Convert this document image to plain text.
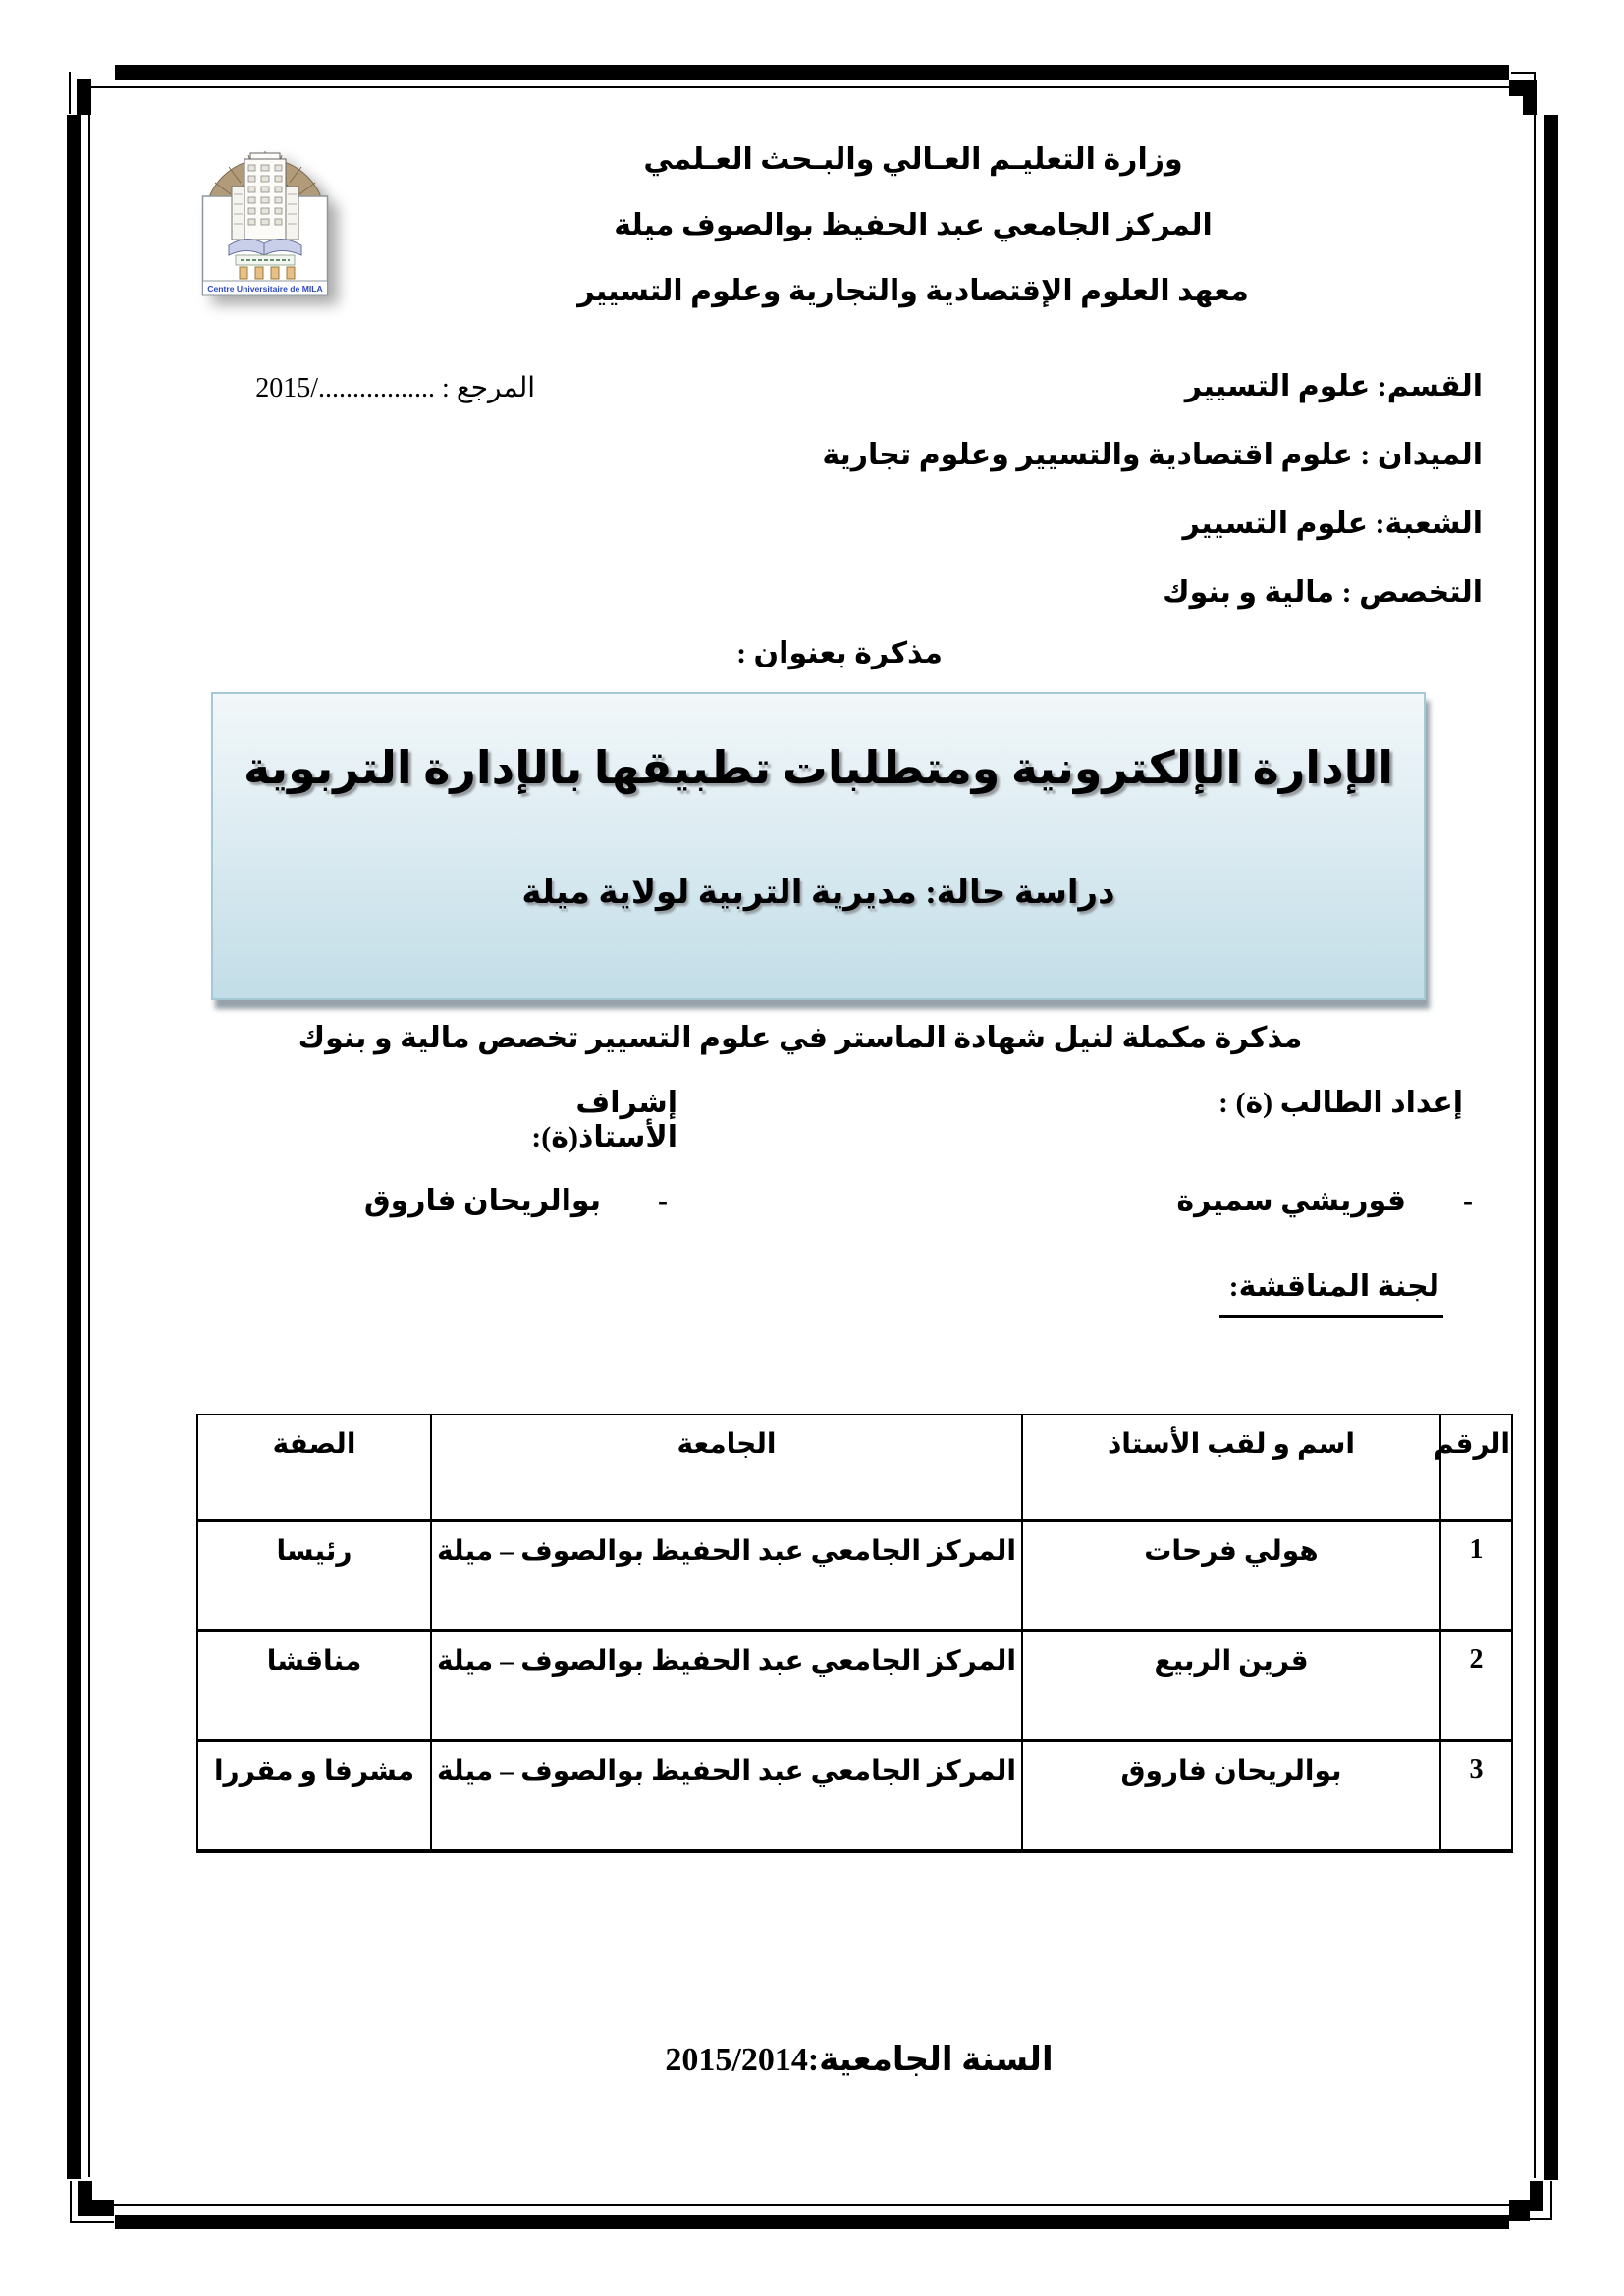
Centre Universitaire de MILA
وزارة التعليـم العـالي والبـحث العـلمي
المركز الجامعي عبد الحفيظ بوالصوف ميلة
معهد العلوم الإقتصادية والتجارية وعلوم التسيير
المرجع : ................./2015	القسم: علوم التسيير
الميدان : علوم اقتصادية والتسيير وعلوم تجارية
الشعبة: علوم التسيير
التخصص : مالية و بنوك
مذكرة بعنوان :
الإدارة الإلكترونية ومتطلبات تطبيقها بالإدارة التربوية
دراسة حالة: مديرية التربية لولاية ميلة
مذكرة مكملة لنيل شهادة الماستر في علوم التسيير تخصص مالية و بنوك
إعداد الطالب (ة) :
إشراف الأستاذ(ة):
-قوريشي سميرة
-بوالريحان فاروق
لجنة المناقشة:
الرقم	اسم و لقب الأستاذ	الجامعة	الصفة
1	هولي فرحات	المركز الجامعي عبد الحفيظ بوالصوف – ميلة	رئيسا
2	قرين الربيع	المركز الجامعي عبد الحفيظ بوالصوف – ميلة	مناقشا
3	بوالريحان فاروق	المركز الجامعي عبد الحفيظ بوالصوف – ميلة	مشرفا و مقررا
السنة الجامعية:2015/2014
